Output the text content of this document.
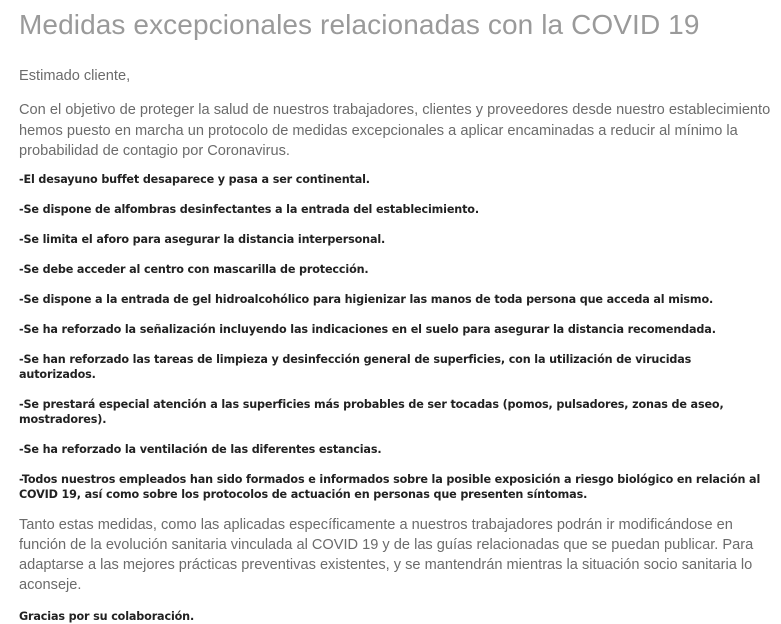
Medidas excepcionales relacionadas con la COVID 19

Estimado cliente,

Con el objetivo de proteger la salud de nuestros trabajadores, clientes y proveedores desde nuestro establecimiento hemos puesto en marcha un protocolo de medidas excepcionales a aplicar encaminadas a reducir al mínimo la probabilidad de contagio por Coronavirus.

-El desayuno buffet desaparece y pasa a ser continental.
-Se dispone de alfombras desinfectantes a la entrada del establecimiento.
-Se limita el aforo para asegurar la distancia interpersonal.
-Se debe acceder al centro con mascarilla de protección.
-Se dispone a la entrada de gel hidroalcohólico para higienizar las manos de toda persona que acceda al mismo.
-Se ha reforzado la señalización incluyendo las indicaciones en el suelo para asegurar la distancia recomendada.
-Se han reforzado las tareas de limpieza y desinfección general de superficies, con la utilización de virucidas autorizados.
-Se prestará especial atención a las superficies más probables de ser tocadas (pomos, pulsadores, zonas de aseo, mostradores).
-Se ha reforzado la ventilación de las diferentes estancias.
-Todos nuestros empleados han sido formados e informados sobre la posible exposición a riesgo biológico en relación al COVID 19, así como sobre los protocolos de actuación en personas que presenten síntomas.

Tanto estas medidas, como las aplicadas específicamente a nuestros trabajadores podrán ir modificándose en función de la evolución sanitaria vinculada al COVID 19 y de las guías relacionadas que se puedan publicar. Para adaptarse a las mejores prácticas preventivas existentes, y se mantendrán mientras la situación socio sanitaria lo aconseje.

Gracias por su colaboración.
